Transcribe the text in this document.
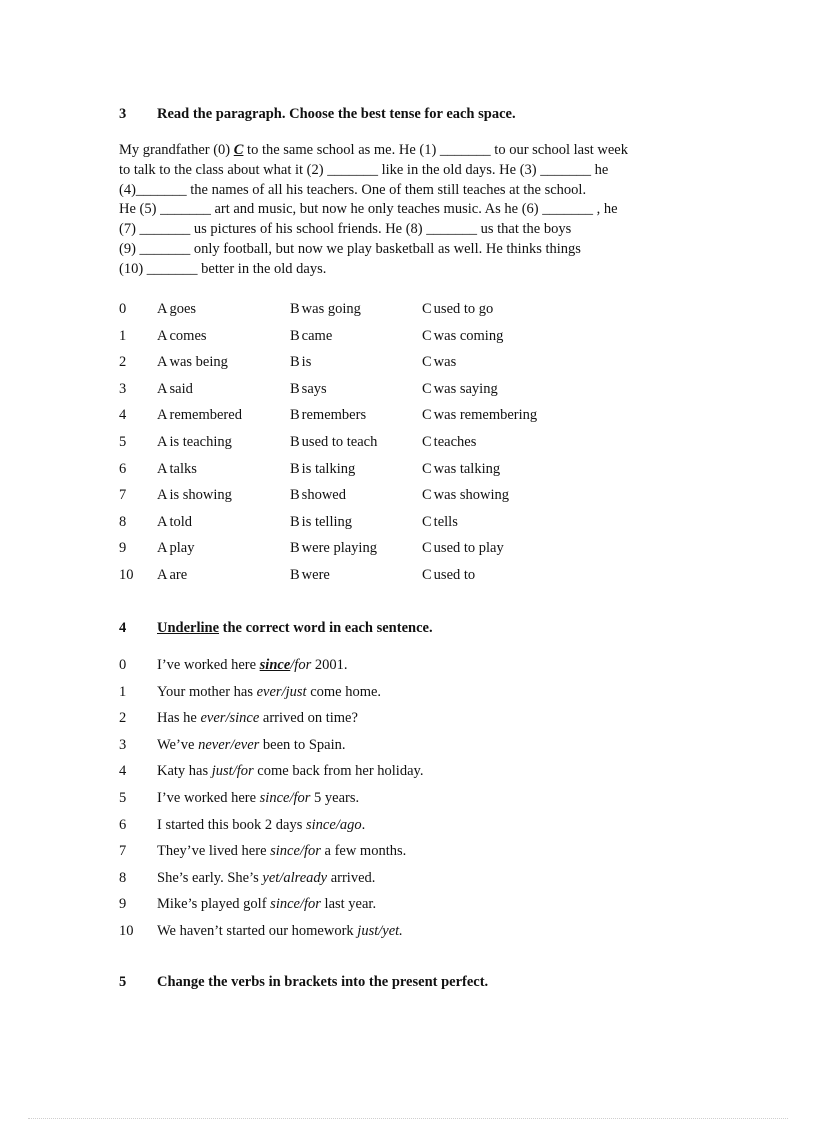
3 Read the paragraph. Choose the best tense for each space.
My grandfather (0) C to the same school as me. He (1) _______ to our school last week
to talk to the class about what it (2) _______ like in the old days. He (3) _______ he
(4)_______ the names of all his teachers. One of them still teaches at the school.
He (5) _______ art and music, but now he only teaches music. As he (6) _______ , he
(7) _______ us pictures of his school friends. He (8) _______ us that the boys
(9) _______ only football, but now we play basketball as well. He thinks things
(10) _______ better in the old days.
0 A goes	B was going	C used to go
1 A comes	B came	C was coming
2 A was being	B is	C was
3 A said	B says	C was saying
4 A remembered	B remembers	C was remembering
5 A is teaching	B used to teach	C teaches
6 A talks	B is talking	C was talking
7 A is showing	B showed	C was showing
8 A told	B is telling	C tells
9 A play	B were playing	C used to play
10 A are	B were	C used to
4 Underline the correct word in each sentence.
0 I’ve worked here since/for 2001.
1 Your mother has ever/just come home.
2 Has he ever/since arrived on time?
3 We’ve never/ever been to Spain.
4 Katy has just/for come back from her holiday.
5 I’ve worked here since/for 5 years.
6 I started this book 2 days since/ago.
7 They’ve lived here since/for a few months.
8 She’s early. She’s yet/already arrived.
9 Mike’s played golf since/for last year.
10 We haven’t started our homework just/yet.
5 Change the verbs in brackets into the present perfect.
